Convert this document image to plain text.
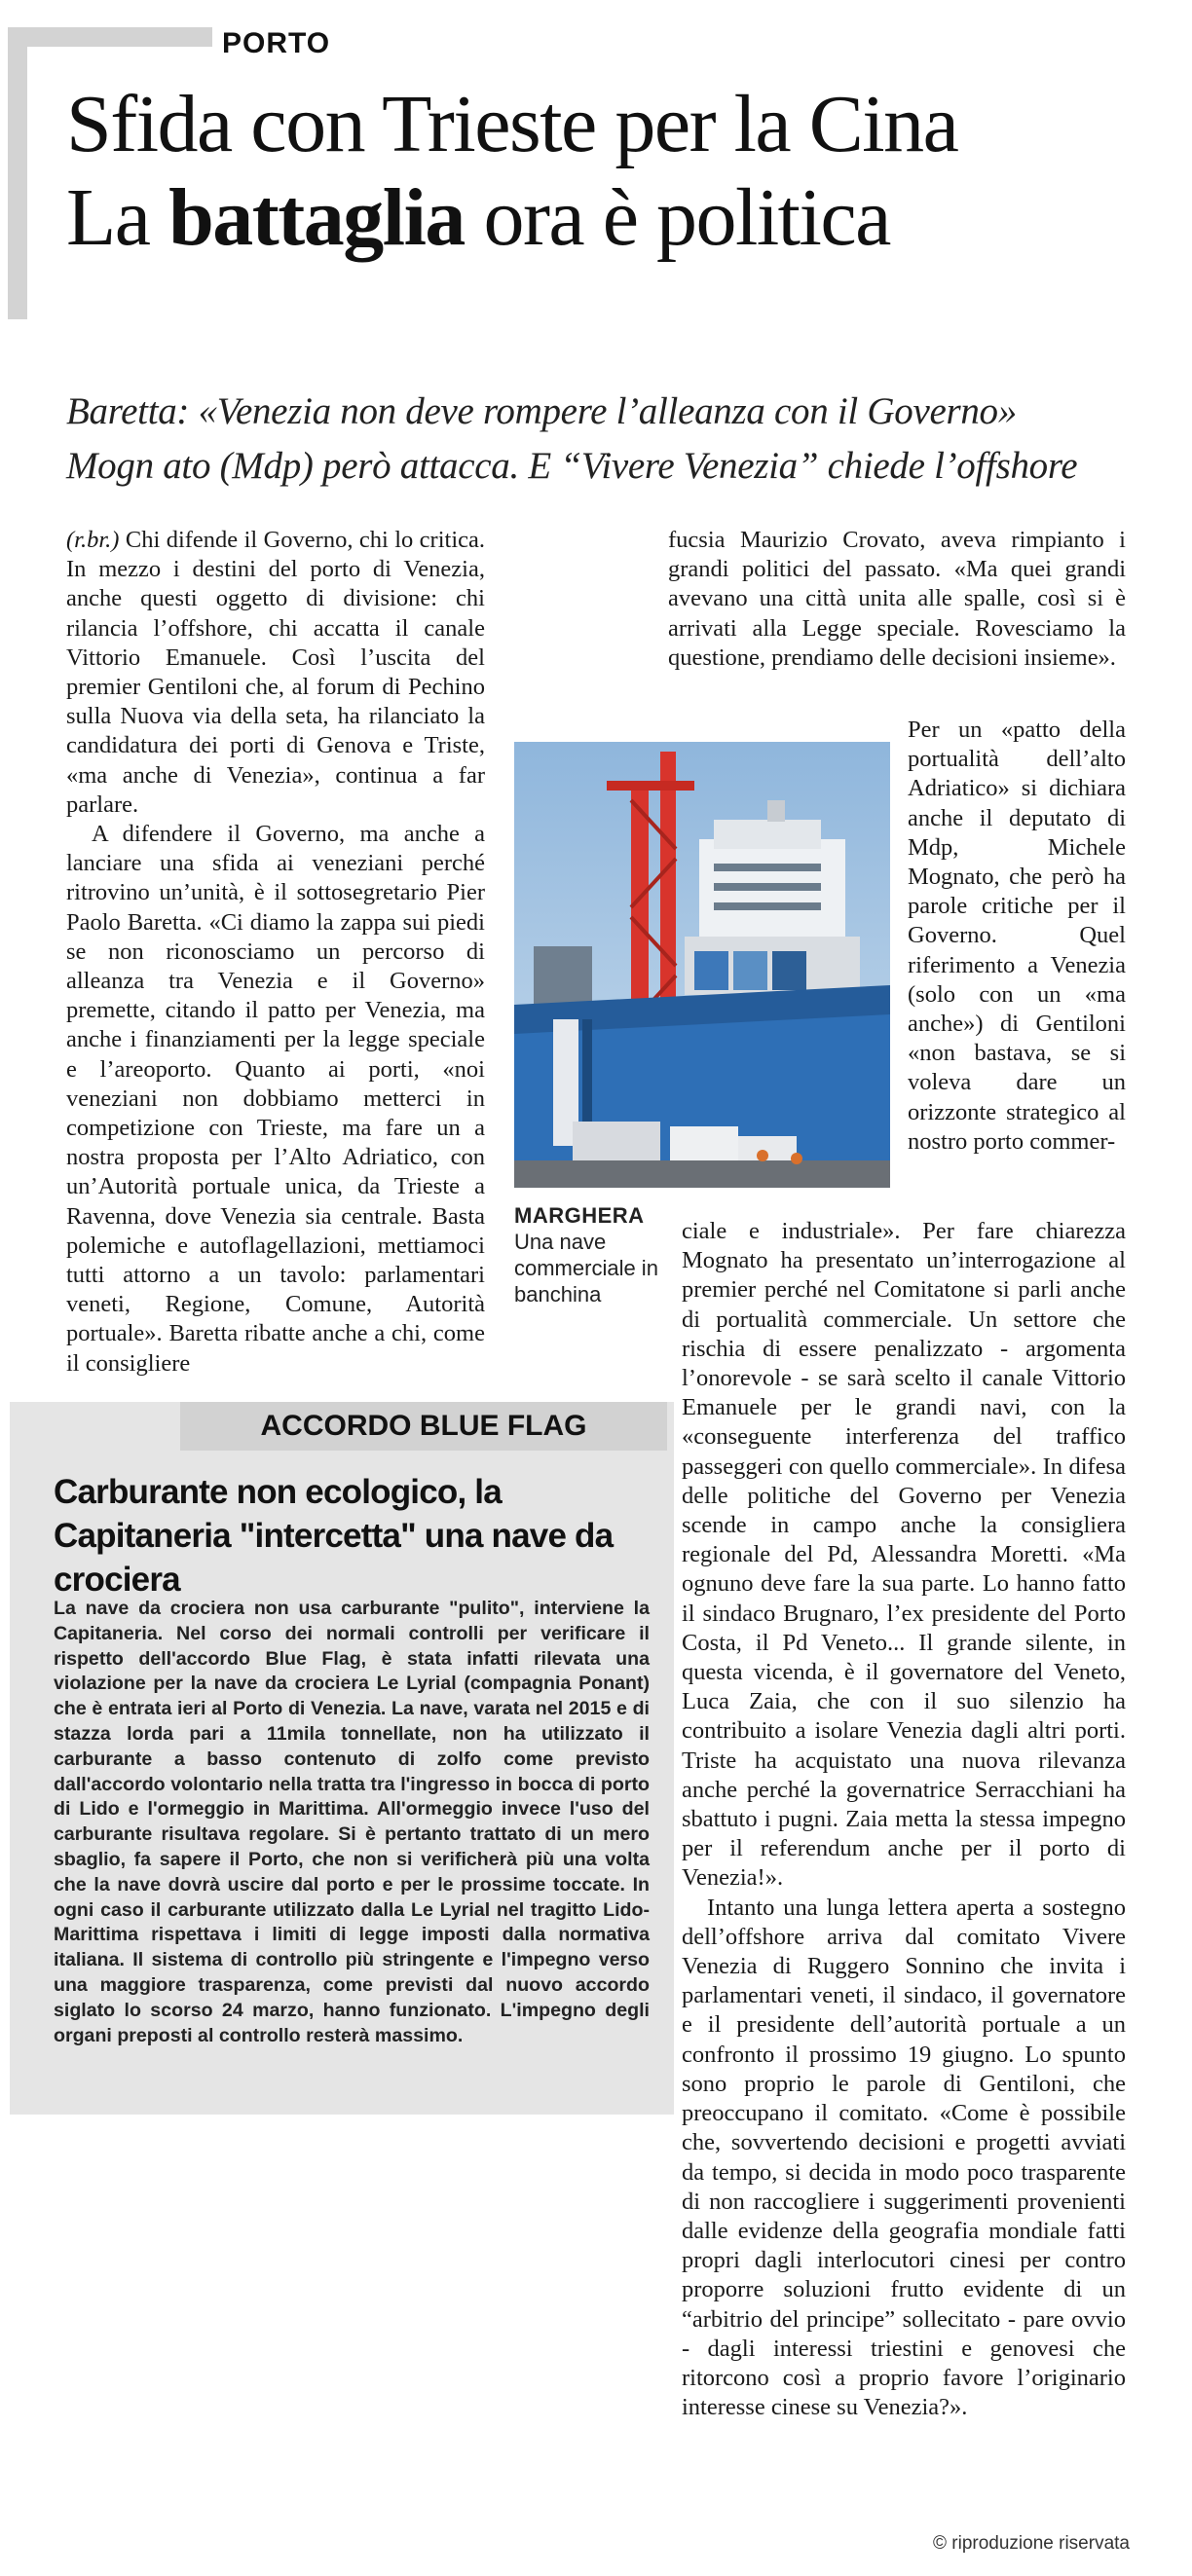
PORTO
Sfida con Trieste per la Cina
La battaglia ora è politica
Baretta: «Venezia non deve rompere l’alleanza con il Governo»
Mogn ato (Mdp) però attacca. E “Vivere Venezia” chiede l’offshore

(r.br.) Chi difende il Governo, chi lo critica. In mezzo i destini del porto di Venezia, anche questi oggetto di divisione: chi rilancia l’offshore, chi accatta il canale Vittorio Emanuele. Così l’uscita del premier Gentiloni che, al forum di Pechino sulla Nuova via della seta, ha rilanciato la candidatura dei porti di Genova e Triste, «ma anche di Venezia», continua a far parlare.

A difendere il Governo, ma anche a lanciare una sfida ai veneziani perché ritrovino un’unità, è il sottosegretario Pier Paolo Baretta. «Ci diamo la zappa sui piedi se non riconosciamo un percorso di alleanza tra Venezia e il Governo» premette, citando il patto per Venezia, ma anche i finanziamenti per la legge speciale e l’areoporto. Quanto ai porti, «noi veneziani non dobbiamo metterci in competizione con Trieste, ma fare un a nostra proposta per l’Alto Adriatico, con un’Autorità portuale unica, da Trieste a Ravenna, dove Venezia sia centrale. Basta polemiche e autoflagellazioni, mettiamoci tutti attorno a un tavolo: parlamentari veneti, Regione, Comune, Autorità portuale». Baretta ribatte anche a chi, come il consigliere

fucsia Maurizio Crovato, aveva rimpianto i grandi politici del passato. «Ma quei grandi avevano una città unita alle spalle, così si è arrivati alla Legge speciale. Rovesciamo la questione, prendiamo delle decisioni insieme».

MARGHERA
Una nave commerciale in banchina
Per un «patto della portualità dell’alto Adriatico» si dichiara anche il deputato di Mdp, Michele Mognato, che però ha parole critiche per il Governo. Quel riferimento a Venezia (solo con un «ma anche») di Gentiloni «non bastava, se si voleva dare un orizzonte strategico al nostro porto commer-

ciale e industriale». Per fare chiarezza Mognato ha presentato un’interrogazione al premier perché nel Comitatone si parli anche di portualità commerciale. Un settore che rischia di essere penalizzato - argomenta l’onorevole - se sarà scelto il canale Vittorio Emanuele per le grandi navi, con la «conseguente interferenza del traffico passeggeri con quello commerciale». In difesa delle politiche del Governo per Venezia scende in campo anche la consigliera regionale del Pd, Alessandra Moretti. «Ma ognuno deve fare la sua parte. Lo hanno fatto il sindaco Brugnaro, l’ex presidente del Porto Costa, il Pd Veneto... Il grande silente, in questa vicenda, è il governatore del Veneto, Luca Zaia, che con il suo silenzio ha contribuito a isolare Venezia dagli altri porti. Triste ha acquistato una nuova rilevanza anche perché la governatrice Serracchiani ha sbattuto i pugni. Zaia metta la stessa impegno per il referendum anche per il porto di Venezia!».

Intanto una lunga lettera aperta a sostegno dell’offshore arriva dal comitato Vivere Venezia di Ruggero Sonnino che invita i parlamentari veneti, il sindaco, il governatore e il presidente dell’autorità portuale a un confronto il prossimo 19 giugno. Lo spunto sono proprio le parole di Gentiloni, che preoccupano il comitato. «Come è possibile che, sovvertendo decisioni e progetti avviati da tempo, si decida in modo poco trasparente di non raccogliere i suggerimenti provenienti dalle evidenze della geografia mondiale fatti propri dagli interlocutori cinesi per contro proporre soluzioni frutto evidente di un “arbitrio del principe” sollecitato - pare ovvio - dagli interessi triestini e genovesi che ritorcono così a proprio favore l’originario interesse cinese su Venezia?».

ACCORDO BLUE FLAG
Carburante non ecologico, la Capitaneria "intercetta" una nave da crociera
La nave da crociera non usa carburante "pulito", interviene la Capitaneria. Nel corso dei normali controlli per verificare il rispetto dell'accordo Blue Flag, è stata infatti rilevata una violazione per la nave da crociera Le Lyrial (compagnia Ponant) che è entrata ieri al Porto di Venezia. La nave, varata nel 2015 e di stazza lorda pari a 11mila tonnellate, non ha utilizzato il carburante a basso contenuto di zolfo come previsto dall'accordo volontario nella tratta tra l'ingresso in bocca di porto di Lido e l'ormeggio in Marittima. All'ormeggio invece l'uso del carburante risultava regolare. Si è pertanto trattato di un mero sbaglio, fa sapere il Porto, che non si verificherà più una volta che la nave dovrà uscire dal porto e per le prossime toccate. In ogni caso il carburante utilizzato dalla Le Lyrial nel tragitto Lido-Marittima rispettava i limiti di legge imposti dalla normativa italiana. Il sistema di controllo più stringente e l'impegno verso una maggiore trasparenza, come previsti dal nuovo accordo siglato lo scorso 24 marzo, hanno funzionato. L'impegno degli organi preposti al controllo resterà massimo.
© riproduzione riservata
